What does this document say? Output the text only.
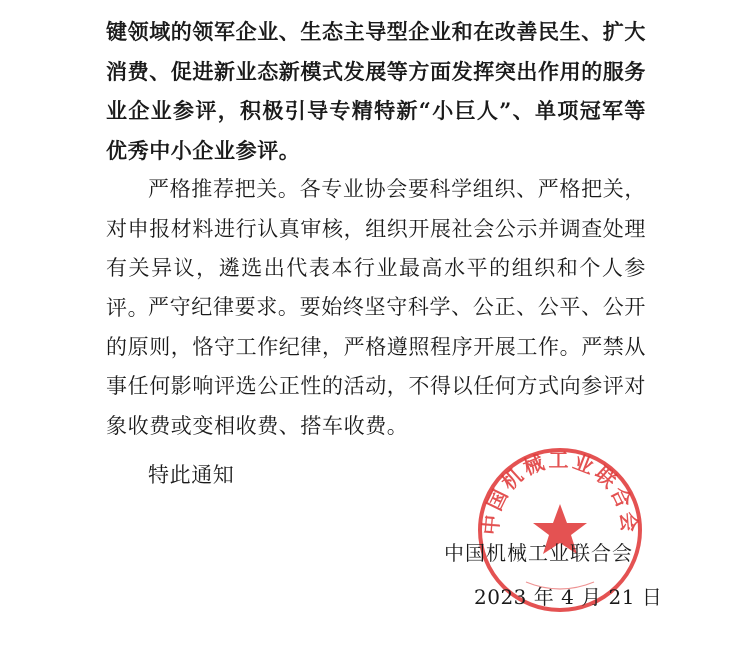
键领域的领军企业、生态主导型企业和在改善民生、扩大消费、促进新业态新模式发展等方面发挥突出作用的服务业企业参评，积极引导专精特新“小巨人”、单项冠军等优秀中小企业参评。

严格推荐把关。各专业协会要科学组织、严格把关，对申报材料进行认真审核，组织开展社会公示并调查处理有关异议，遴选出代表本行业最高水平的组织和个人参评。

严守纪律要求。要始终坚守科学、公正、公平、公开的原则，恪守工作纪律，严格遵照程序开展工作。严禁从事任何影响评选公正性的活动，不得以任何方式向参评对象收费或变相收费、搭车收费。

特此通知
中国机械工业联合会
中国机械工业联合会
2023 年 4 月 21 日
